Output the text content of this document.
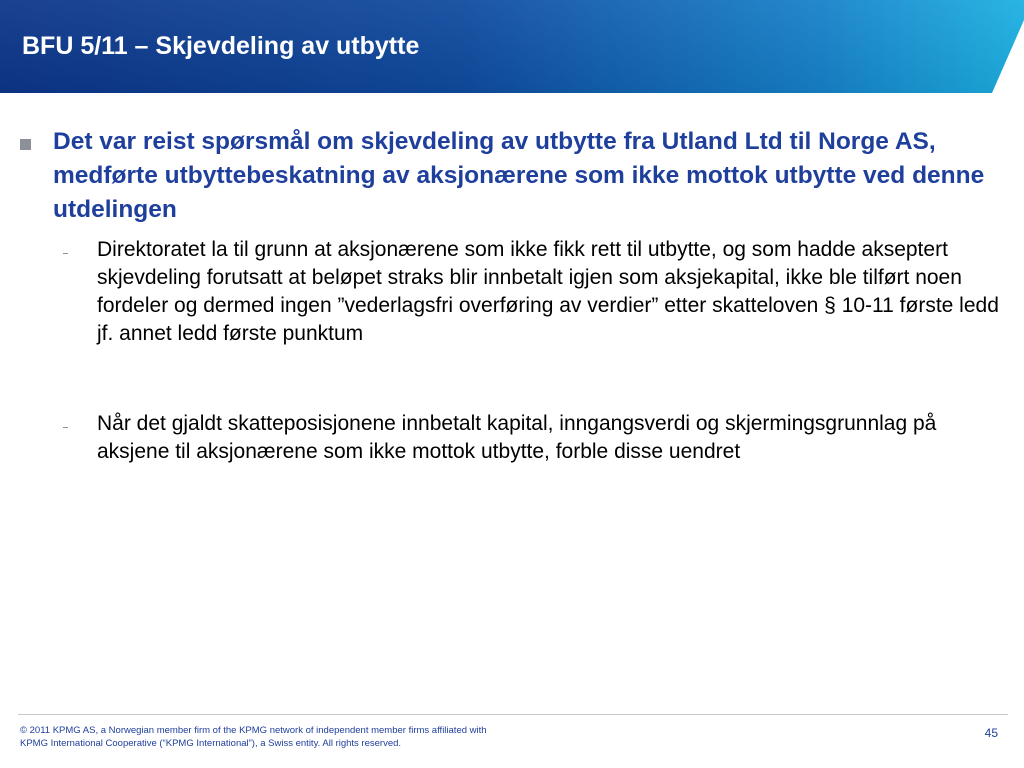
BFU 5/11 – Skjevdeling av utbytte

Det var reist spørsmål om skjevdeling av utbytte fra Utland Ltd til Norge AS, medførte utbyttebeskatning av aksjonærene som ikke mottok utbytte ved denne utdelingen

Direktoratet la til grunn at aksjonærene som ikke fikk rett til utbytte, og som hadde akseptert skjevdeling forutsatt at beløpet straks blir innbetalt igjen som aksjekapital, ikke ble tilført noen fordeler og dermed ingen ”vederlagsfri overføring av verdier” etter skatteloven § 10-11 første ledd jf. annet ledd første punktum

Når det gjaldt skatteposisjonene innbetalt kapital, inngangsverdi og skjermingsgrunnlag på aksjene til aksjonærene som ikke mottok utbytte, forble disse uendret

© 2011 KPMG AS, a Norwegian member firm of the KPMG network of independent member firms affiliated with
KPMG International Cooperative (“KPMG International”), a Swiss entity. All rights reserved.

45
